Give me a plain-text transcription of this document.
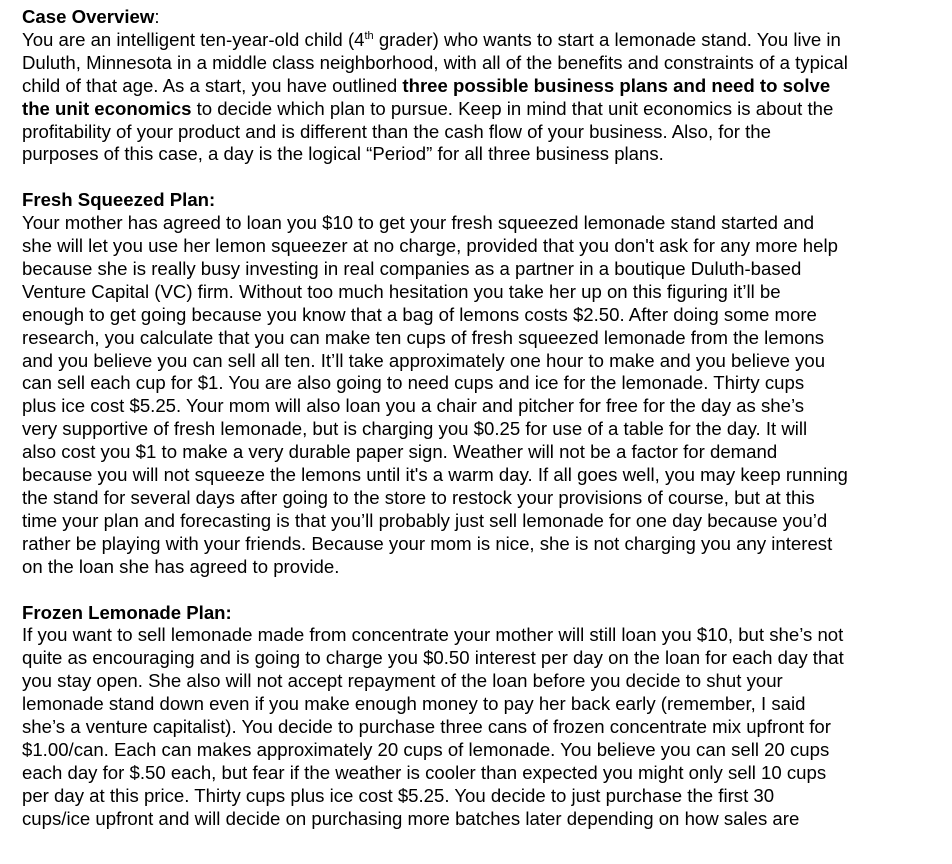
Case Overview:

You are an intelligent ten-year-old child (4th grader) who wants to start a lemonade stand. You live in
Duluth, Minnesota in a middle class neighborhood, with all of the benefits and constraints of a typical
child of that age. As a start, you have outlined three possible business plans and need to solve
the unit economics to decide which plan to pursue. Keep in mind that unit economics is about the
profitability of your product and is different than the cash flow of your business. Also, for the
purposes of this case, a day is the logical “Period” for all three business plans.

Fresh Squeezed Plan:

Your mother has agreed to loan you $10 to get your fresh squeezed lemonade stand started and
she will let you use her lemon squeezer at no charge, provided that you don't ask for any more help
because she is really busy investing in real companies as a partner in a boutique Duluth-based
Venture Capital (VC) firm. Without too much hesitation you take her up on this figuring it’ll be
enough to get going because you know that a bag of lemons costs $2.50. After doing some more
research, you calculate that you can make ten cups of fresh squeezed lemonade from the lemons
and you believe you can sell all ten. It’ll take approximately one hour to make and you believe you
can sell each cup for $1. You are also going to need cups and ice for the lemonade. Thirty cups
plus ice cost $5.25. Your mom will also loan you a chair and pitcher for free for the day as she’s
very supportive of fresh lemonade, but is charging you $0.25 for use of a table for the day. It will
also cost you $1 to make a very durable paper sign. Weather will not be a factor for demand
because you will not squeeze the lemons until it's a warm day. If all goes well, you may keep running
the stand for several days after going to the store to restock your provisions of course, but at this
time your plan and forecasting is that you’ll probably just sell lemonade for one day because you’d
rather be playing with your friends. Because your mom is nice, she is not charging you any interest
on the loan she has agreed to provide.

Frozen Lemonade Plan:

If you want to sell lemonade made from concentrate your mother will still loan you $10, but she’s not
quite as encouraging and is going to charge you $0.50 interest per day on the loan for each day that
you stay open. She also will not accept repayment of the loan before you decide to shut your
lemonade stand down even if you make enough money to pay her back early (remember, I said
she’s a venture capitalist). You decide to purchase three cans of frozen concentrate mix upfront for
$1.00/can. Each can makes approximately 20 cups of lemonade. You believe you can sell 20 cups
each day for $.50 each, but fear if the weather is cooler than expected you might only sell 10 cups
per day at this price. Thirty cups plus ice cost $5.25. You decide to just purchase the first 30
cups/ice upfront and will decide on purchasing more batches later depending on how sales are
